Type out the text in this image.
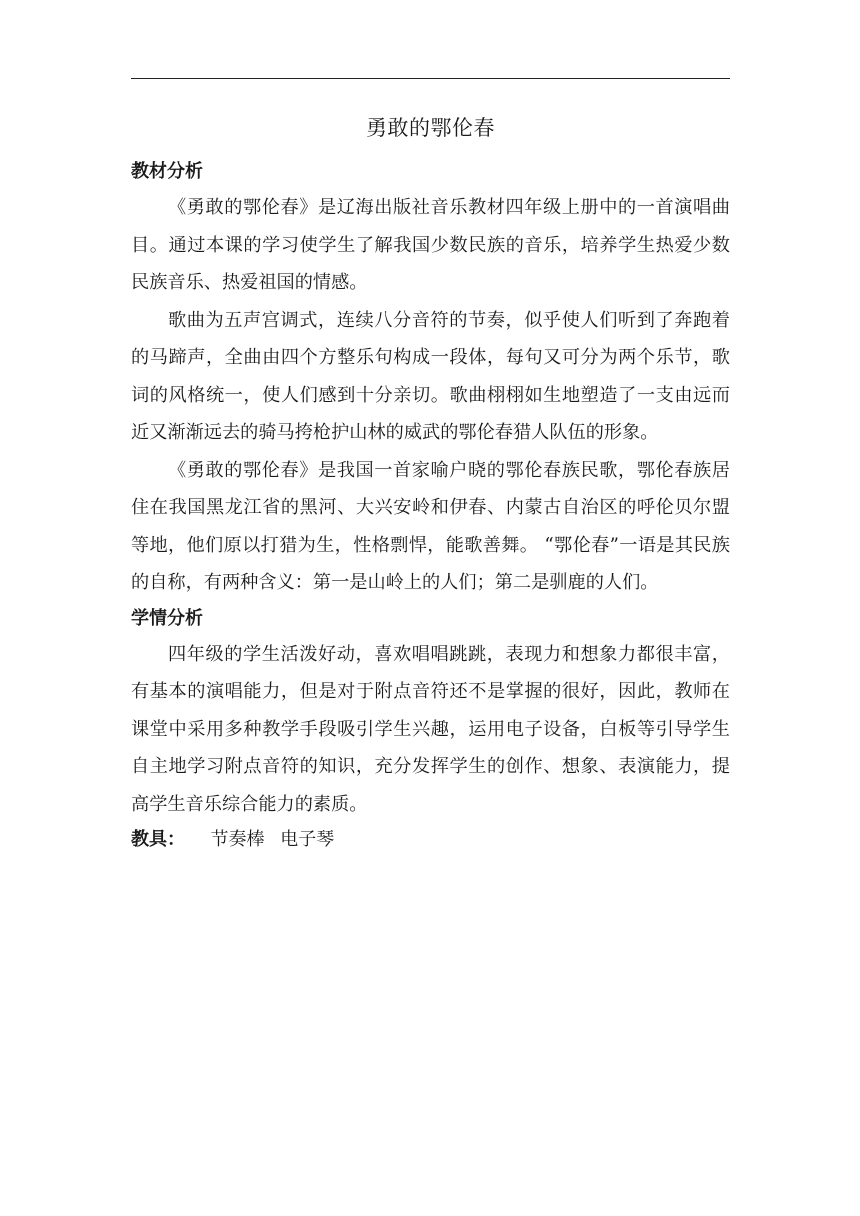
勇敢的鄂伦春
教材分析

《勇敢的鄂伦春》是辽海出版社音乐教材四年级上册中的一首演唱曲目。通过本课的学习使学生了解我国少数民族的音乐，培养学生热爱少数民族音乐、热爱祖国的情感。

歌曲为五声宫调式，连续八分音符的节奏，似乎使人们听到了奔跑着的马蹄声，全曲由四个方整乐句构成一段体，每句又可分为两个乐节，歌词的风格统一，使人们感到十分亲切。歌曲栩栩如生地塑造了一支由远而近又渐渐远去的骑马挎枪护山林的威武的鄂伦春猎人队伍的形象。

《勇敢的鄂伦春》是我国一首家喻户晓的鄂伦春族民歌，鄂伦春族居住在我国黑龙江省的黑河、大兴安岭和伊春、内蒙古自治区的呼伦贝尔盟等地，他们原以打猎为生，性格剽悍，能歌善舞。 “鄂伦春”一语是其民族的自称，有两种含义：第一是山岭上的人们；第二是驯鹿的人们。

学情分析

四年级的学生活泼好动，喜欢唱唱跳跳，表现力和想象力都很丰富，有基本的演唱能力，但是对于附点音符还不是掌握的很好，因此，教师在课堂中采用多种教学手段吸引学生兴趣，运用电子设备，白板等引导学生自主地学习附点音符的知识，充分发挥学生的创作、想象、表演能力，提高学生音乐综合能力的素质。

教具： 节奏棒 电子琴
